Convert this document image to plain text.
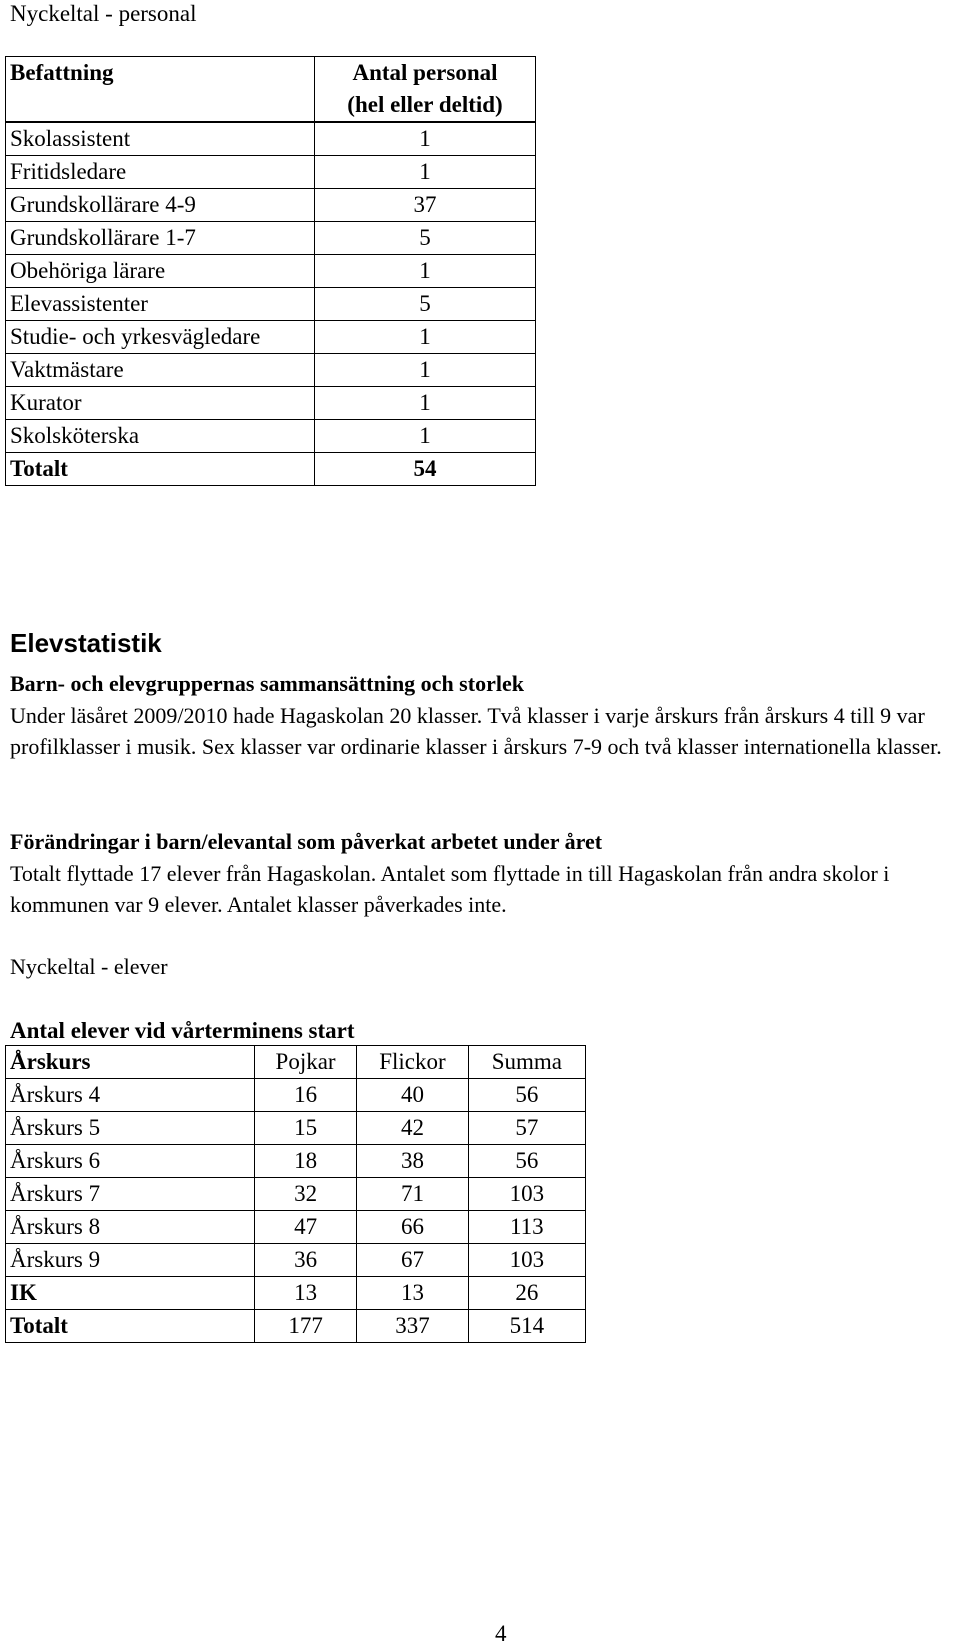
Nyckeltal - personal
Befattning	Antal personal
(hel eller deltid)

Skolassistent	1
Fritidsledare	1
Grundskollärare 4-9	37
Grundskollärare 1-7	5
Obehöriga lärare	1
Elevassistenter	5
Studie- och yrkesvägledare	1
Vaktmästare	1
Kurator	1
Skolsköterska	1
Totalt	54
Elevstatistik
Barn- och elevgruppernas sammansättning och storlek
Under läsåret 2009/2010 hade Hagaskolan 20 klasser. Två klasser i varje årskurs från årskurs 4 till 9 var profilklasser i musik. Sex klasser var ordinarie klasser i årskurs 7-9 och två klasser internationella klasser.
Förändringar i barn/elevantal som påverkat arbetet under året
Totalt flyttade 17 elever från Hagaskolan. Antalet som flyttade in till Hagaskolan från andra skolor i kommunen var 9 elever. Antalet klasser påverkades inte.
Nyckeltal - elever
Antal elever vid vårterminens start
Årskurs	Pojkar	Flickor	Summa
Årskurs 4	16	40	56
Årskurs 5	15	42	57
Årskurs 6	18	38	56
Årskurs 7	32	71	103
Årskurs 8	47	66	113
Årskurs 9	36	67	103
IK	13	13	26
Totalt	177	337	514
4
